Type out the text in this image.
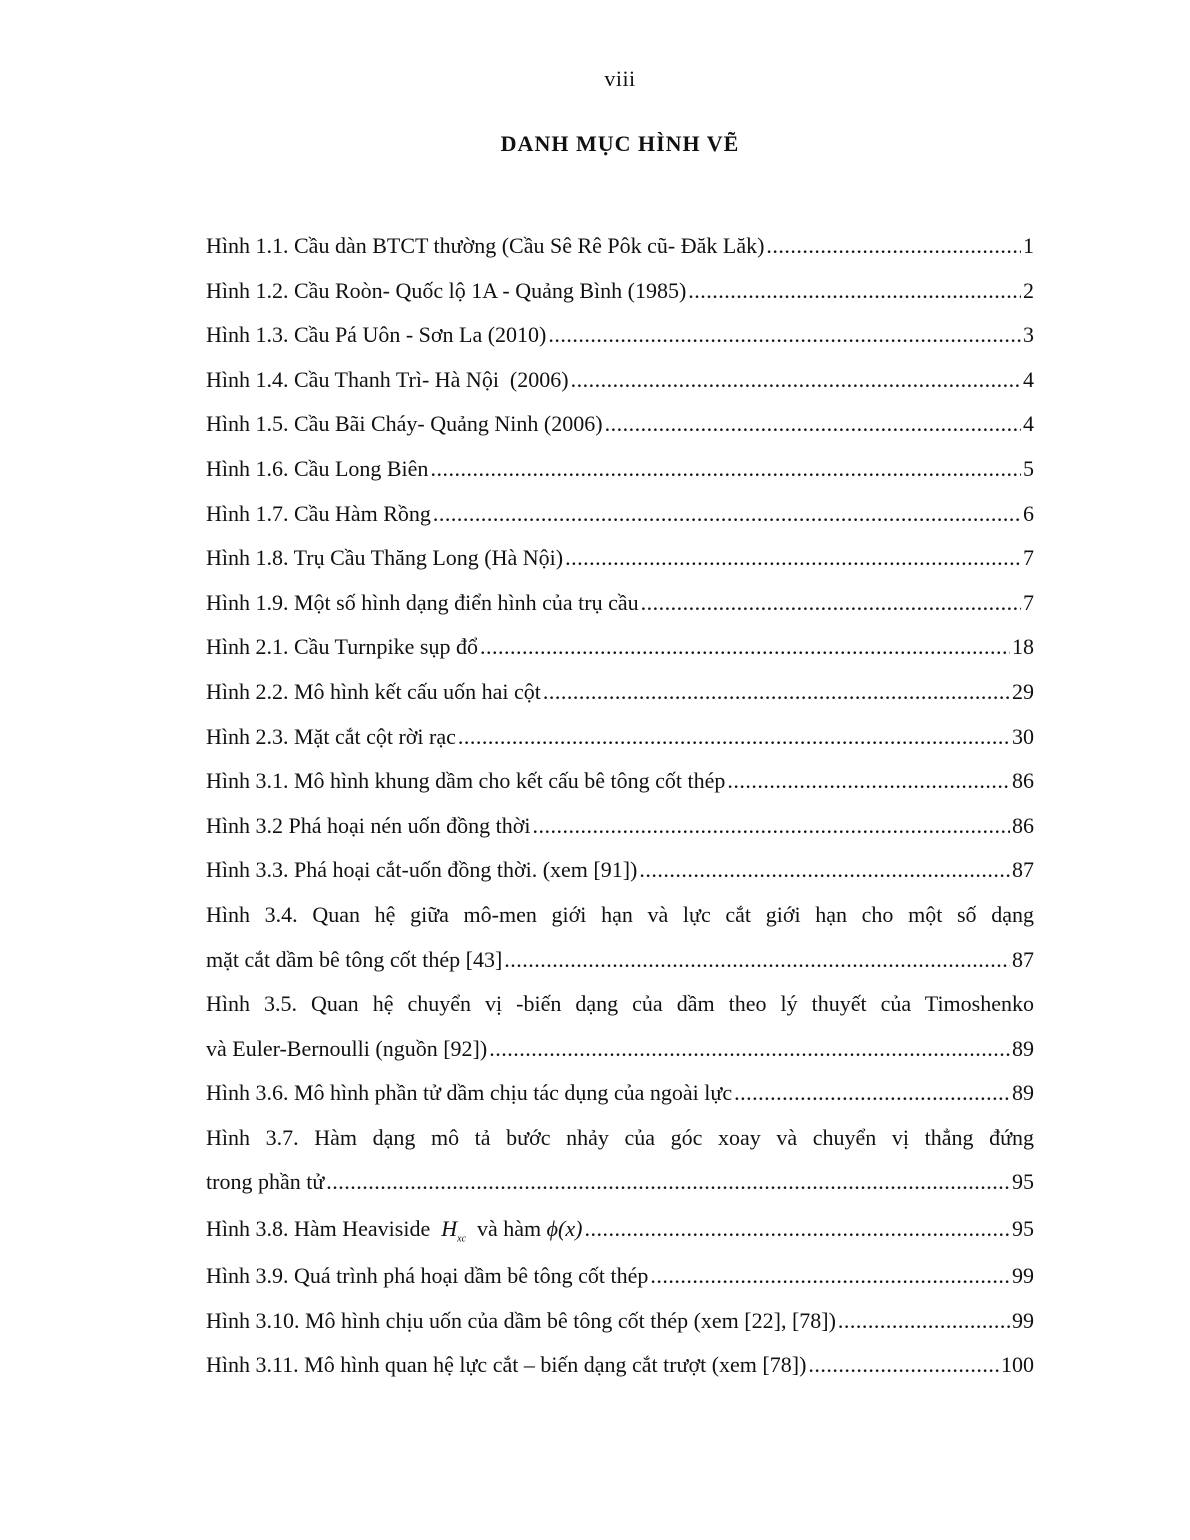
viii
DANH MỤC HÌNH VẼ
Hình 1.1. Cầu dàn BTCT thường (Cầu Sê Rê Pôk cũ- Đăk Lăk) .....	1
Hình 1.2. Cầu Roòn- Quốc lộ 1A - Quảng Bình (1985) .....	2
Hình 1.3. Cầu Pá Uôn - Sơn La (2010) .....	3
Hình 1.4. Cầu Thanh Trì- Hà Nội  (2006) .....	4
Hình 1.5. Cầu Bãi Cháy- Quảng Ninh (2006) .....	4
Hình 1.6. Cầu Long Biên .....	5
Hình 1.7. Cầu Hàm Rồng .....	6
Hình 1.8. Trụ Cầu Thăng Long (Hà Nội) .....	7
Hình 1.9. Một số hình dạng điển hình của trụ cầu .....	7
Hình 2.1. Cầu Turnpike sụp đổ .....	18
Hình 2.2. Mô hình kết cấu uốn hai cột .....	29
Hình 2.3. Mặt cắt cột rời rạc .....	30
Hình 3.1. Mô hình khung dầm cho kết cấu bê tông cốt thép .....	86
Hình 3.2 Phá hoại nén uốn đồng thời .....	86
Hình 3.3. Phá hoại cắt-uốn đồng thời. (xem [91]) .....	87
Hình 3.4. Quan hệ giữa mô-men giới hạn và lực cắt giới hạn cho một số dạng
mặt cắt dầm bê tông cốt thép [43] .....	87
Hình 3.5. Quan hệ chuyển vị -biến dạng của dầm theo lý thuyết của Timoshenko
và Euler-Bernoulli (nguồn [92]) .....	89
Hình 3.6. Mô hình phần tử dầm chịu tác dụng của ngoài lực .....	89
Hình 3.7. Hàm dạng mô tả bước nhảy của góc xoay và chuyển vị thẳng đứng
trong phần tử .....	95
Hình 3.8. Hàm Heaviside $H_{xc}$ và hàm ϕ(x) .....	95
Hình 3.9. Quá trình phá hoại dầm bê tông cốt thép .....	99
Hình 3.10. Mô hình chịu uốn của dầm bê tông cốt thép (xem [22], [78]) .....	99
Hình 3.11. Mô hình quan hệ lực cắt – biến dạng cắt trượt (xem [78]) .....	100
